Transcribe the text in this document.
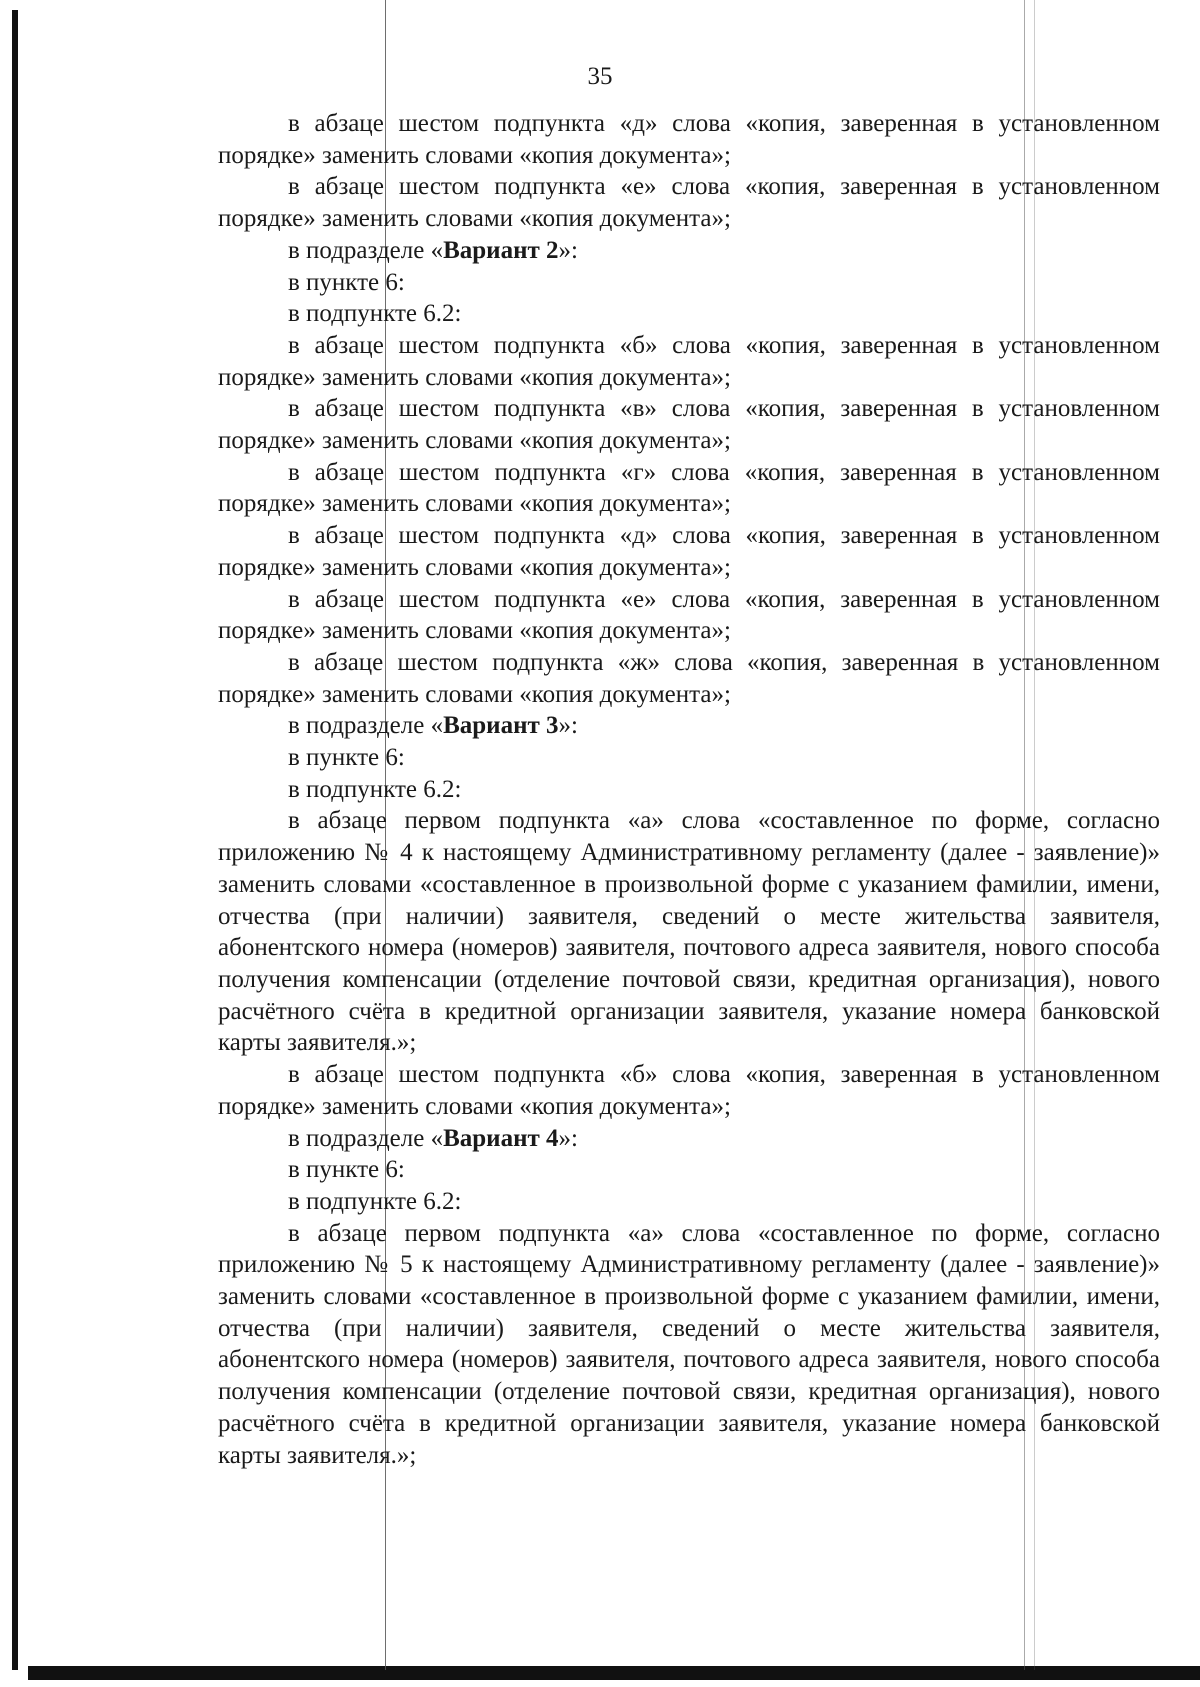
35

в абзаце шестом подпункта «д» слова «копия, заверенная в установленном порядке» заменить словами «копия документа»;

в абзаце шестом подпункта «е» слова «копия, заверенная в установленном порядке» заменить словами «копия документа»;

в подразделе «Вариант 2»:

в пункте 6:

в подпункте 6.2:

в абзаце шестом подпункта «б» слова «копия, заверенная в установленном порядке» заменить словами «копия документа»;

в абзаце шестом подпункта «в» слова «копия, заверенная в установленном порядке» заменить словами «копия документа»;

в абзаце шестом подпункта «г» слова «копия, заверенная в установленном порядке» заменить словами «копия документа»;

в абзаце шестом подпункта «д» слова «копия, заверенная в установленном порядке» заменить словами «копия документа»;

в абзаце шестом подпункта «е» слова «копия, заверенная в установленном порядке» заменить словами «копия документа»;

в абзаце шестом подпункта «ж» слова «копия, заверенная в установленном порядке» заменить словами «копия документа»;

в подразделе «Вариант 3»:

в пункте 6:

в подпункте 6.2:

в абзаце первом подпункта «а» слова «составленное по форме, согласно приложению № 4 к настоящему Административному регламенту (далее - заявление)» заменить словами «составленное в произвольной форме с указанием фамилии, имени, отчества (при наличии) заявителя, сведений о месте жительства заявителя, абонентского номера (номеров) заявителя, почтового адреса заявителя, нового способа получения компенсации (отделение почтовой связи, кредитная организация), нового расчётного счёта в кредитной организации заявителя, указание номера банковской карты заявителя.»;

в абзаце шестом подпункта «б» слова «копия, заверенная в установленном порядке» заменить словами «копия документа»;

в подразделе «Вариант 4»:

в пункте 6:

в подпункте 6.2:

в абзаце первом подпункта «а» слова «составленное по форме, согласно приложению № 5 к настоящему Административному регламенту (далее - заявление)» заменить словами «составленное в произвольной форме с указанием фамилии, имени, отчества (при наличии) заявителя, сведений о месте жительства заявителя, абонентского номера (номеров) заявителя, почтового адреса заявителя, нового способа получения компенсации (отделение почтовой связи, кредитная организация), нового расчётного счёта в кредитной организации заявителя, указание номера банковской карты заявителя.»;
